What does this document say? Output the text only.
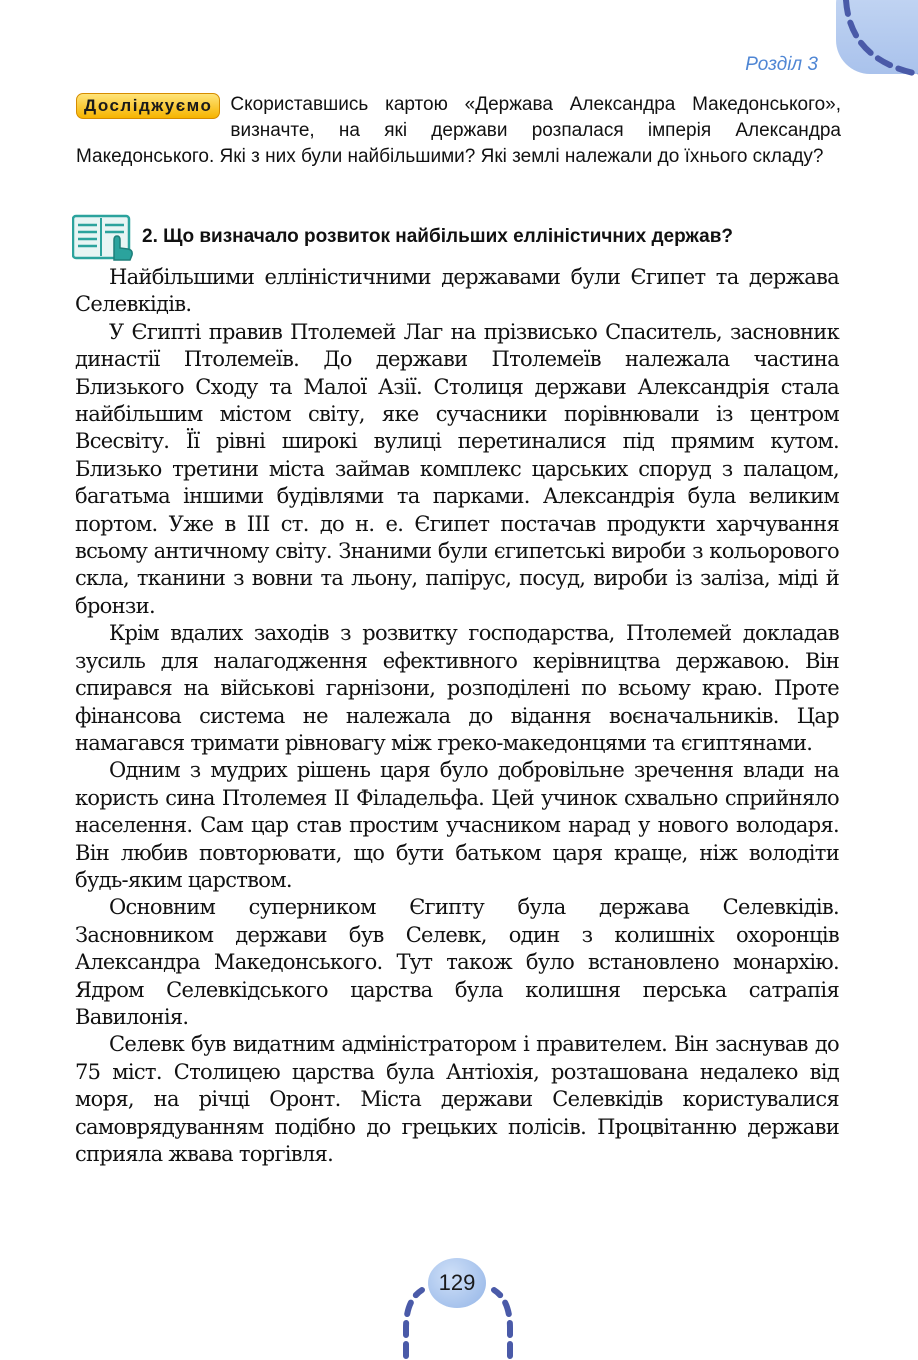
Розділ 3
Досліджуємо Скориставшись картою «Держава Александра Македонського», визначте, на які держави розпалася імперія Александра Македонського. Які з них були найбільшими? Які землі належали до їхнього складу?
2. Що визначало розвиток найбільших елліністичних держав?

Найбільшими елліністичними державами були Єгипет та держава Селевкідів.

У Єгипті правив Птолемей Лаг на прізвисько Спаситель, засновник династії Птолемеїв. До держави Птолемеїв належала частина Близького Сходу та Малої Азії. Столиця держави Александрія стала найбільшим містом світу, яке сучасники порівнювали із центром Всесвіту. Її рівні широкі вулиці перетиналися під прямим кутом. Близько третини міста займав комплекс царських споруд з палацом, багатьма іншими будівлями та парками. Александрія була великим портом. Уже в ІІІ ст. до н. е. Єгипет постачав продукти харчування всьому античному світу. Знаними були єгипетські вироби з кольорового скла, тканини з вовни та льону, папірус, посуд, вироби із заліза, міді й бронзи.

Крім вдалих заходів з розвитку господарства, Птолемей докладав зусиль для налагодження ефективного керівництва державою. Він спирався на військові гарнізони, розподілені по всьому краю. Проте фінансова система не належала до відання воєначальників. Цар намагався тримати рівновагу між греко-македонцями та єгиптянами.

Одним з мудрих рішень царя було добровільне зречення влади на користь сина Птолемея ІІ Філадельфа. Цей учинок схвально сприйняло населення. Сам цар став простим учасником нарад у нового володаря. Він любив повторювати, що бути батьком царя краще, ніж володіти будь-яким царством.

Основним суперником Єгипту була держава Селевкідів. Засновником держави був Селевк, один з колишніх охоронців Александра Македонського. Тут також було встановлено монархію. Ядром Селевкідського царства була колишня перська сатрапія Вавилонія.

Селевк був видатним адміністратором і правителем. Він заснував до 75 міст. Столицею царства була Антіохія, розташована недалеко від моря, на річці Оронт. Міста держави Селевкідів користувалися самоврядуванням подібно до грецьких полісів. Процвітанню держави сприяла жвава торгівля.

129
